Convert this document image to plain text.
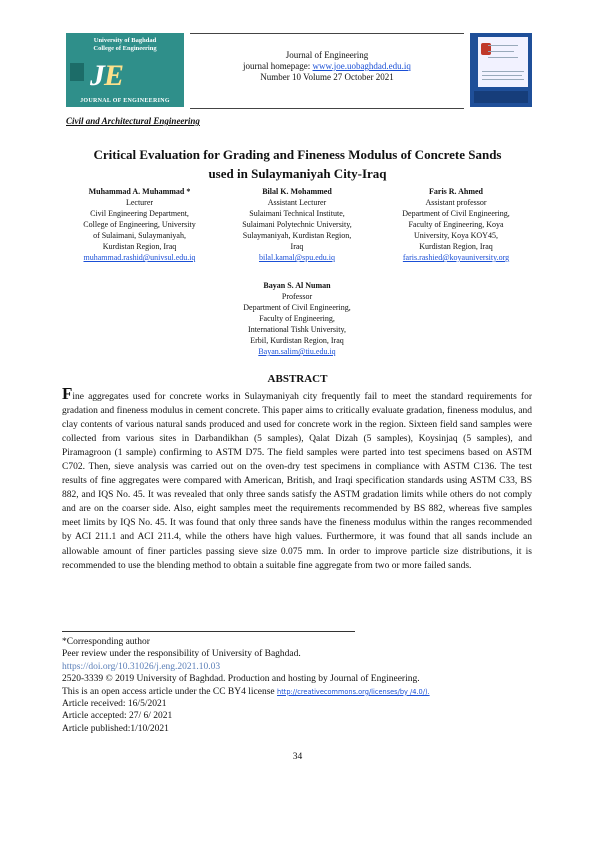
University of Baghdad
College of Engineering
JE
JOURNAL OF ENGINEERING
Journal of Engineering
journal homepage: www.joe.uobaghdad.edu.iq
Number 10 Volume 27 October 2021
Civil and Architectural Engineering
Critical Evaluation for Grading and Fineness Modulus of Concrete Sands
used in Sulaymaniyah City-Iraq
Muhammad A. Muhammad *
Lecturer
Civil Engineering Department,
College of Engineering, University
of Sulaimani, Sulaymaniyah,
Kurdistan Region, Iraq
muhammad.rashid@univsul.edu.iq
Bilal K. Mohammed
Assistant Lecturer
Sulaimani Technical Institute,
Sulaimani Polytechnic University,
Sulaymaniyah, Kurdistan Region,
Iraq
bilal.kamal@spu.edu.iq
Faris R. Ahmed
Assistant professor
Department of Civil Engineering,
Faculty of Engineering, Koya
University, Koya KOY45,
Kurdistan Region, Iraq
faris.rashied@koyauniversity.org
Bayan S. Al Numan
Professor
Department of Civil Engineering,
Faculty of Engineering,
International Tishk University,
Erbil, Kurdistan Region, Iraq
Bayan.salim@tiu.edu.iq
ABSTRACT
Fine aggregates used for concrete works in Sulaymaniyah city frequently fail to meet the standard requirements for gradation and fineness modulus in cement concrete. This paper aims to critically evaluate gradation, fineness modulus, and clay contents of various natural sands produced and used for concrete work in the region. Sixteen field sand samples were collected from various sites in Darbandikhan (5 samples), Qalat Dizah (5 samples), Koysinjaq (5 samples), and Piramagroon (1 sample) confirming to ASTM D75. The field samples were parted into test specimens based on ASTM C702. Then, sieve analysis was carried out on the oven-dry test specimens in compliance with ASTM C136. The test results of fine aggregates were compared with American, British, and Iraqi specification standards using ASTM C33, BS 882, and IQS No. 45. It was revealed that only three sands satisfy the ASTM gradation limits while others do not comply and are on the coarser side. Also, eight samples meet the requirements recommended by BS 882, whereas five samples meet limits by IQS No. 45. It was found that only three sands have the fineness modulus within the ranges recommended by ACI 211.1 and ACI 211.4, while the others have high values. Furthermore, it was found that all sands include an allowable amount of finer particles passing sieve size 0.075 mm. In order to improve particle size distributions, it is recommended to use the blending method to obtain a suitable fine aggregate from two or more failed sands.
*Corresponding author
Peer review under the responsibility of University of Baghdad.
https://doi.org/10.31026/j.eng.2021.10.03
2520-3339 © 2019 University of Baghdad. Production and hosting by Journal of Engineering.
This is an open access article under the CC BY4 license http://creativecommons.org/licenses/by /4.0/).
Article received: 16/5/2021
Article accepted: 27/ 6/ 2021
Article published:1/10/2021
34
